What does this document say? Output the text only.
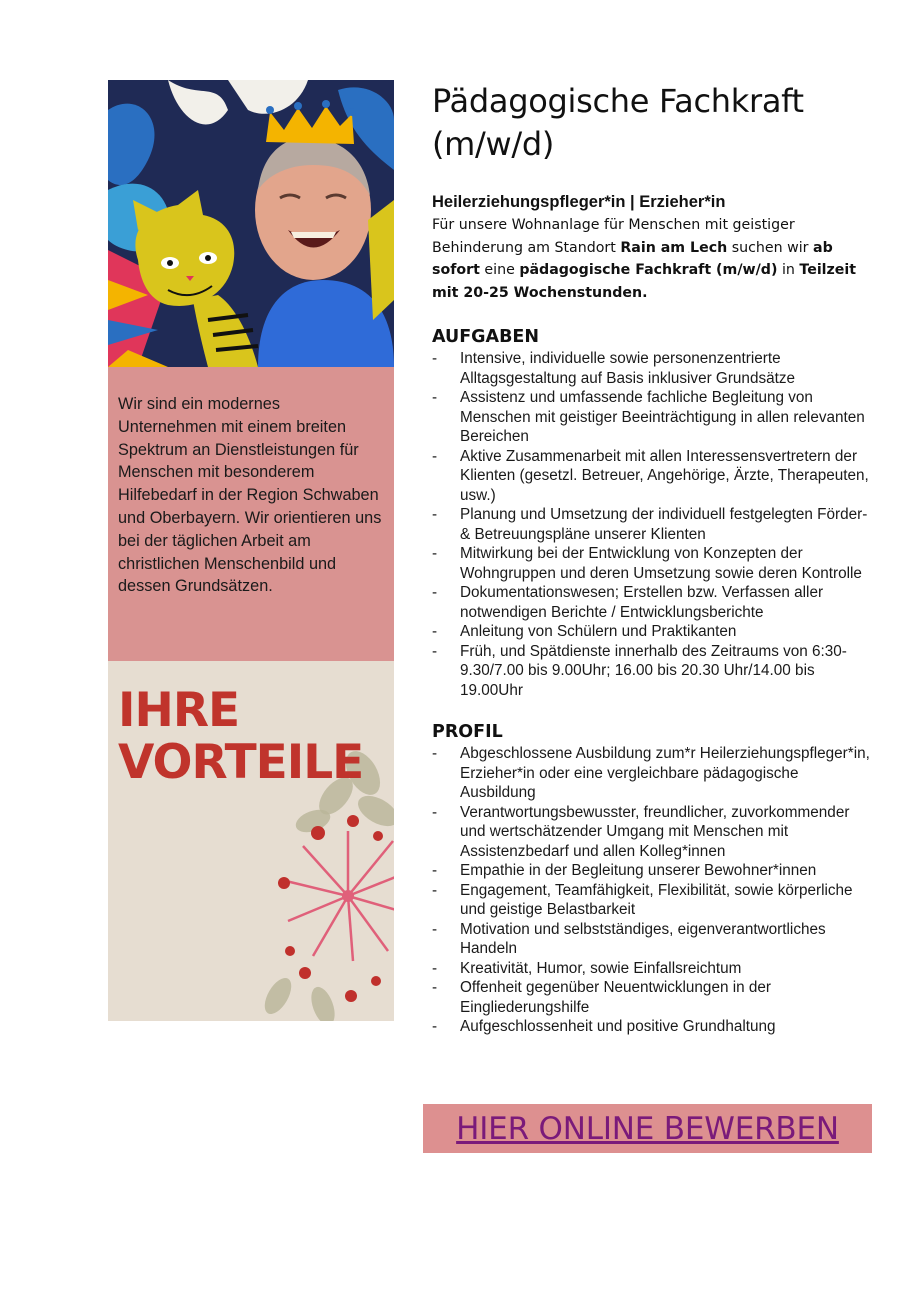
Wir sind ein modernes Unternehmen mit einem breiten Spektrum an Dienstleistungen für Menschen mit besonderem Hilfebedarf in der Region Schwaben und Oberbayern. Wir orientieren uns bei der täglichen Arbeit am christlichen Menschenbild und dessen Grundsätzen.

IHRE
VORTEILE
Pädagogische Fachkraft
(m/w/d)
Heilerziehungspfleger*in | Erzieher*in

Für unsere Wohnanlage für Menschen mit geistiger Behinderung am Standort Rain am Lech suchen wir ab sofort eine pädagogische Fachkraft (m/w/d) in Teilzeit mit 20-25 Wochenstunden.

AUFGABEN
- Intensive, individuelle sowie personenzentrierte Alltagsgestaltung auf Basis inklusiver Grundsätze
- Assistenz und umfassende fachliche Begleitung von Menschen mit geistiger Beeinträchtigung in allen relevanten Bereichen
- Aktive Zusammenarbeit mit allen Interessensvertretern der Klienten (gesetzl. Betreuer, Angehörige, Ärzte, Therapeuten, usw.)
- Planung und Umsetzung der individuell festgelegten Förder- & Betreuungspläne unserer Klienten
- Mitwirkung bei der Entwicklung von Konzepten der Wohngruppen und deren Umsetzung sowie deren Kontrolle
- Dokumentationswesen; Erstellen bzw. Verfassen aller notwendigen Berichte / Entwicklungsberichte
- Anleitung von Schülern und Praktikanten
- Früh, und Spätdienste innerhalb des Zeitraums von 6:30-9.30/7.00 bis 9.00Uhr; 16.00 bis 20.30 Uhr/14.00 bis 19.00Uhr
PROFIL
- Abgeschlossene Ausbildung zum*r Heilerziehungspfleger*in, Erzieher*in oder eine vergleichbare pädagogische Ausbildung
- Verantwortungsbewusster, freundlicher, zuvorkommender und wertschätzender Umgang mit Menschen mit Assistenzbedarf und allen Kolleg*innen
- Empathie in der Begleitung unserer Bewohner*innen
- Engagement, Teamfähigkeit, Flexibilität, sowie körperliche und geistige Belastbarkeit
- Motivation und selbstständiges, eigenverantwortliches Handeln
- Kreativität, Humor, sowie Einfallsreichtum
- Offenheit gegenüber Neuentwicklungen in der Eingliederungshilfe
- Aufgeschlossenheit und positive Grundhaltung
HIER ONLINE BEWERBEN
